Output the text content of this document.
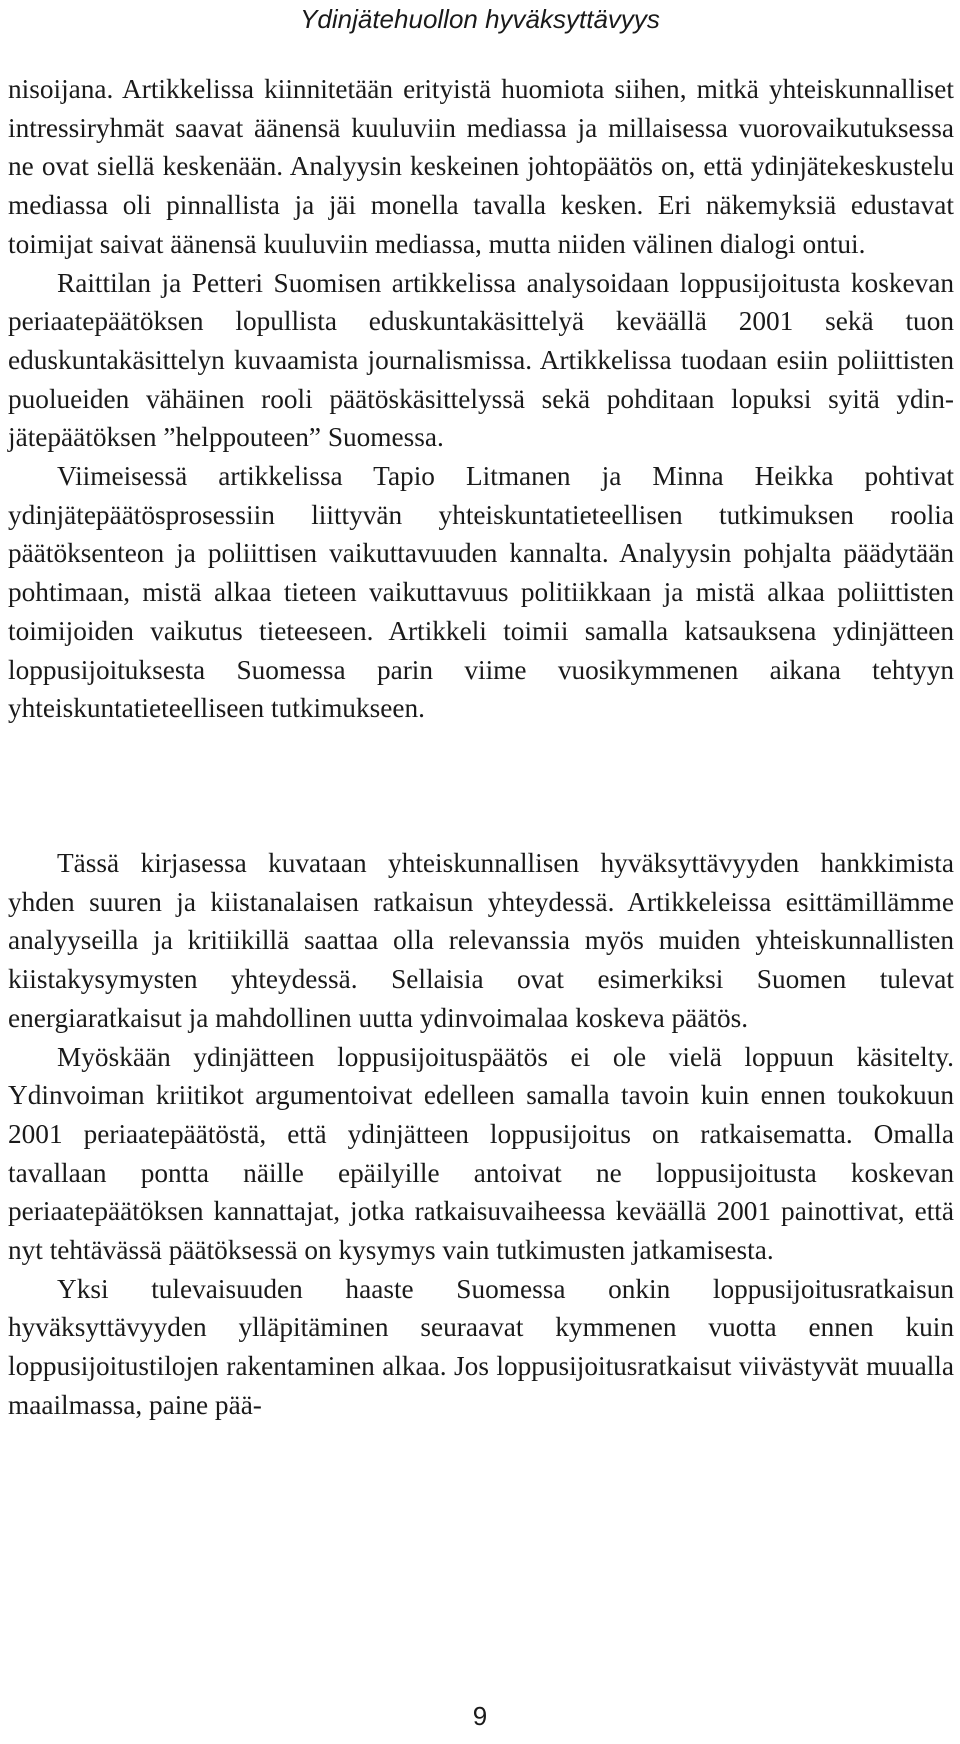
Ydinjätehuollon hyväksyttävyys

nisoijana. Artikkelissa kiinnitetään erityistä huomiota siihen, mitkä yhteiskunnalliset intressiryhmät saavat äänensä kuuluviin mediassa ja millaisessa vuorovaikutuksessa ne ovat siellä keskenään. Analyysin keskeinen johtopäätös on, että ydinjätekeskustelu mediassa oli pinnallista ja jäi monella tavalla kesken. Eri näkemyksiä edustavat toimijat saivat äänensä kuuluviin mediassa, mutta niiden välinen dialogi ontui.

Raittilan ja Petteri Suomisen artikkelissa analysoidaan loppusijoitusta koskevan periaatepäätöksen lopullista eduskuntakäsittelyä keväällä 2001 sekä tuon eduskuntakäsittelyn kuvaamista journalismissa. Artikkelissa tuodaan esiin poliittisten puolueiden vähäinen rooli päätöskäsittelyssä sekä pohditaan lopuksi syitä ydinjätepäätöksen ”helppouteen” Suomessa.

Viimeisessä artikkelissa Tapio Litmanen ja Minna Heikka pohtivat ydinjätepäätösprosessiin liittyvän yhteiskuntatieteellisen tutkimuksen roolia päätöksenteon ja poliittisen vaikuttavuuden kannalta. Analyysin pohjalta päädytään pohtimaan, mistä alkaa tieteen vaikuttavuus politiikkaan ja mistä alkaa poliittisten toimijoiden vaikutus tieteeseen. Artikkeli toimii samalla katsauksena ydinjätteen loppusijoituksesta Suomessa parin viime vuosikymmenen aikana tehtyyn yhteiskuntatieteelliseen tutkimukseen.

Tässä kirjasessa kuvataan yhteiskunnallisen hyväksyttävyyden hankkimista yhden suuren ja kiistanalaisen ratkaisun yhteydessä. Artikkeleissa esittämillämme analyyseilla ja kritiikillä saattaa olla relevanssia myös muiden yhteiskunnallisten kiistakysymysten yhteydessä. Sellaisia ovat esimerkiksi Suomen tulevat energiaratkaisut ja mahdollinen uutta ydinvoimalaa koskeva päätös.

Myöskään ydinjätteen loppusijoituspäätös ei ole vielä loppuun käsitelty. Ydinvoiman kriitikot argumentoivat edelleen samalla tavoin kuin ennen toukokuun 2001 periaatepäätöstä, että ydinjätteen loppusijoitus on ratkaisematta. Omalla tavallaan pontta näille epäilyille antoivat ne loppusijoitusta koskevan periaatepäätöksen kannattajat, jotka ratkaisuvaiheessa keväällä 2001 painottivat, että nyt tehtävässä päätöksessä on kysymys vain tutkimusten jatkamisesta.

Yksi tulevaisuuden haaste Suomessa onkin loppusijoitusratkaisun hyväksyttävyyden ylläpitäminen seuraavat kymmenen vuotta ennen kuin loppusijoitustilojen rakentaminen alkaa. Jos loppusijoitusratkaisut viivästyvät muualla maailmassa, paine pää-

9
